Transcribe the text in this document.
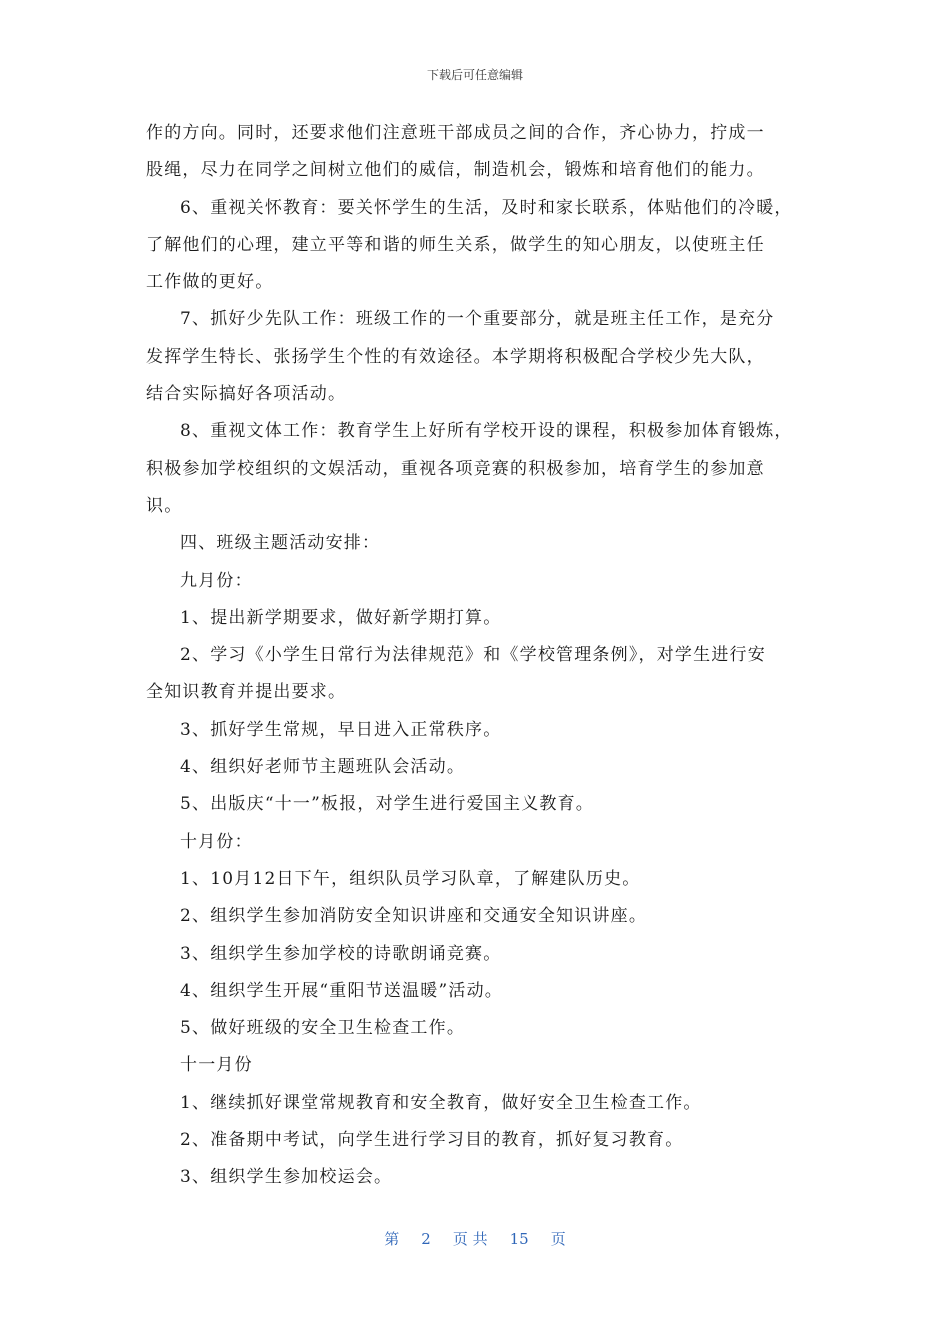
下载后可任意编辑

作的方向。同时，还要求他们注意班干部成员之间的合作，齐心协力，拧成一

股绳，尽力在同学之间树立他们的威信，制造机会，锻炼和培育他们的能力。

6、重视关怀教育：要关怀学生的生活，及时和家长联系，体贴他们的冷暖，

了解他们的心理，建立平等和谐的师生关系，做学生的知心朋友，以使班主任

工作做的更好。

7、抓好少先队工作：班级工作的一个重要部分，就是班主任工作，是充分

发挥学生特长、张扬学生个性的有效途径。本学期将积极配合学校少先大队，

结合实际搞好各项活动。

8、重视文体工作：教育学生上好所有学校开设的课程，积极参加体育锻炼，

积极参加学校组织的文娱活动，重视各项竞赛的积极参加，培育学生的参加意

识。

四、班级主题活动安排：

九月份：

1、提出新学期要求，做好新学期打算。

2、学习《小学生日常行为法律规范》和《学校管理条例》，对学生进行安

全知识教育并提出要求。

3、抓好学生常规，早日进入正常秩序。

4、组织好老师节主题班队会活动。

5、出版庆“十一”板报，对学生进行爱国主义教育。

十月份：

1、10月12日下午，组织队员学习队章，了解建队历史。

2、组织学生参加消防安全知识讲座和交通安全知识讲座。

3、组织学生参加学校的诗歌朗诵竞赛。

4、组织学生开展“重阳节送温暖”活动。

5、做好班级的安全卫生检查工作。

十一月份

1、继续抓好课堂常规教育和安全教育，做好安全卫生检查工作。

2、准备期中考试，向学生进行学习目的教育，抓好复习教育。

3、组织学生参加校运会。

第 2 页 共 15 页
